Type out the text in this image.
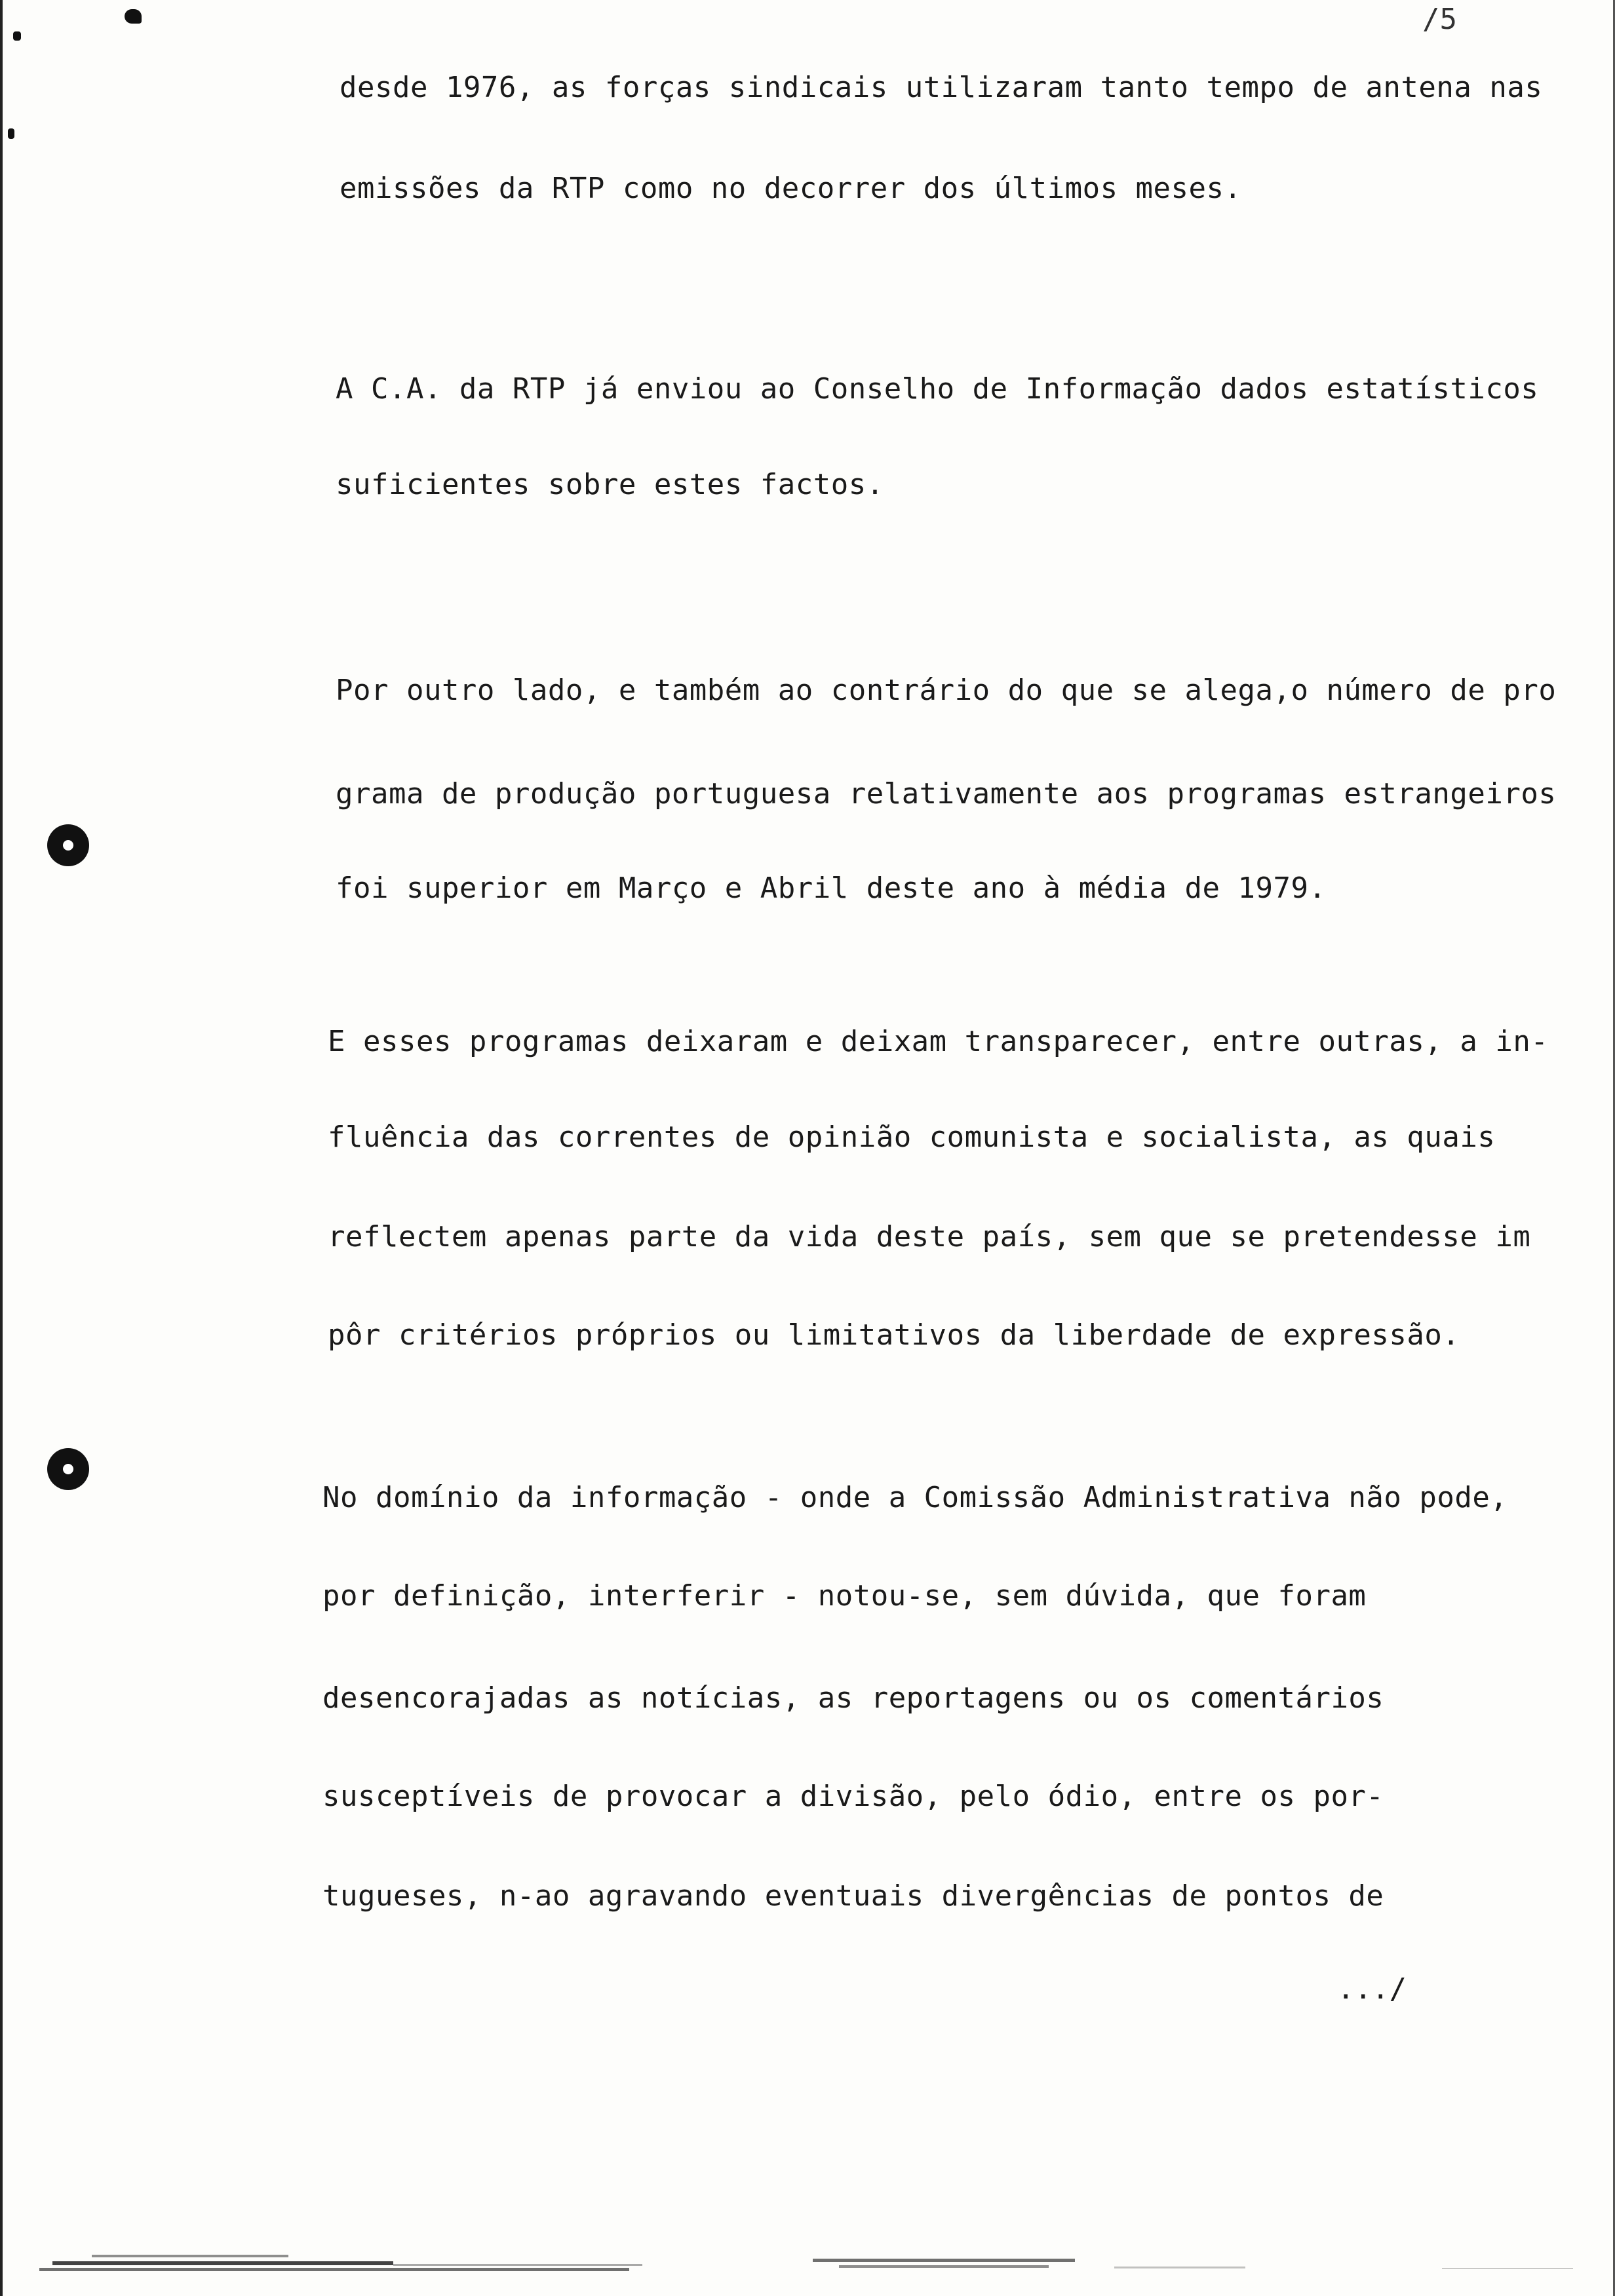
/5
desde 1976, as forças sindicais utilizaram tanto tempo de antena nas
emissões da RTP como no decorrer dos últimos meses.
A C.A. da RTP já enviou ao Conselho de Informação dados estatísticos
suficientes sobre estes factos.
Por outro lado, e também ao contrário do que se alega,o número de pro
grama de produção portuguesa relativamente aos programas estrangeiros
foi superior em Março e Abril deste ano à média de 1979.
E esses programas deixaram e deixam transparecer, entre outras, a in-
fluência das correntes de opinião comunista e socialista, as quais
reflectem apenas parte da vida deste país, sem que se pretendesse im
pôr critérios próprios ou limitativos da liberdade de expressão.
No domínio da informação - onde a Comissão Administrativa não pode,
por definição, interferir - notou-se, sem dúvida, que foram
desencorajadas as notícias, as reportagens ou os comentários
susceptíveis de provocar a divisão, pelo ódio, entre os por-
tugueses, n-ao agravando eventuais divergências de pontos de
.../
